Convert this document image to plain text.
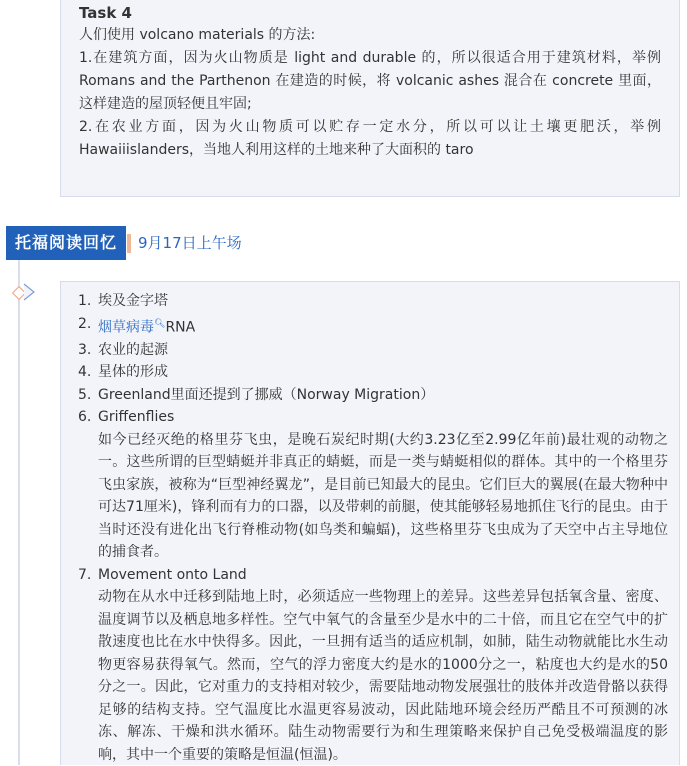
Task 4

人们使用 volcano materials 的方法:

1.在建筑方面，因为火山物质是 light and durable 的，所以很适合用于建筑材料，举例 Romans and the Parthenon 在建造的时候，将 volcanic ashes 混合在 concrete 里面，这样建造的屋顶轻便且牢固;

2.在农业方面，因为火山物质可以贮存一定水分，所以可以让土壤更肥沃，举例 Hawaiiislanders，当地人利用这样的土地来种了大面积的 taro

托福阅读回忆	9月17日上午场
1. 埃及金字塔
2. 烟草病毒🔍︎RNA
3. 农业的起源
4. 星体的形成
5. Greenland里面还提到了挪威（Norway Migration）
6. Griffenflies
如今已经灭绝的格里芬飞虫，是晚石炭纪时期(大约3.23亿至2.99亿年前)最壮观的动物之一。这些所谓的巨型蜻蜓并非真正的蜻蜓，而是一类与蜻蜓相似的群体。其中的一个格里芬飞虫家族，被称为“巨型神经翼龙”，是目前已知最大的昆虫。它们巨大的翼展(在最大物种中可达71厘米)，锋利而有力的口器，以及带刺的前腿，使其能够轻易地抓住飞行的昆虫。由于当时还没有进化出飞行脊椎动物(如鸟类和蝙蝠)，这些格里芬飞虫成为了天空中占主导地位的捕食者。
7. Movement onto Land
动物在从水中迁移到陆地上时，必须适应一些物理上的差异。这些差异包括氧含量、密度、温度调节以及栖息地多样性。空气中氧气的含量至少是水中的二十倍，而且它在空气中的扩散速度也比在水中快得多。因此，一旦拥有适当的适应机制，如肺，陆生动物就能比水生动物更容易获得氧气。然而，空气的浮力密度大约是水的1000分之一，粘度也大约是水的50分之一。因此，它对重力的支持相对较少，需要陆地动物发展强壮的肢体并改造骨骼以获得足够的结构支持。空气温度比水温更容易波动，因此陆地环境会经历严酷且不可预测的冰冻、解冻、干燥和洪水循环。陆生动物需要行为和生理策略来保护自己免受极端温度的影响，其中一个重要的策略是恒温(恒温)。
